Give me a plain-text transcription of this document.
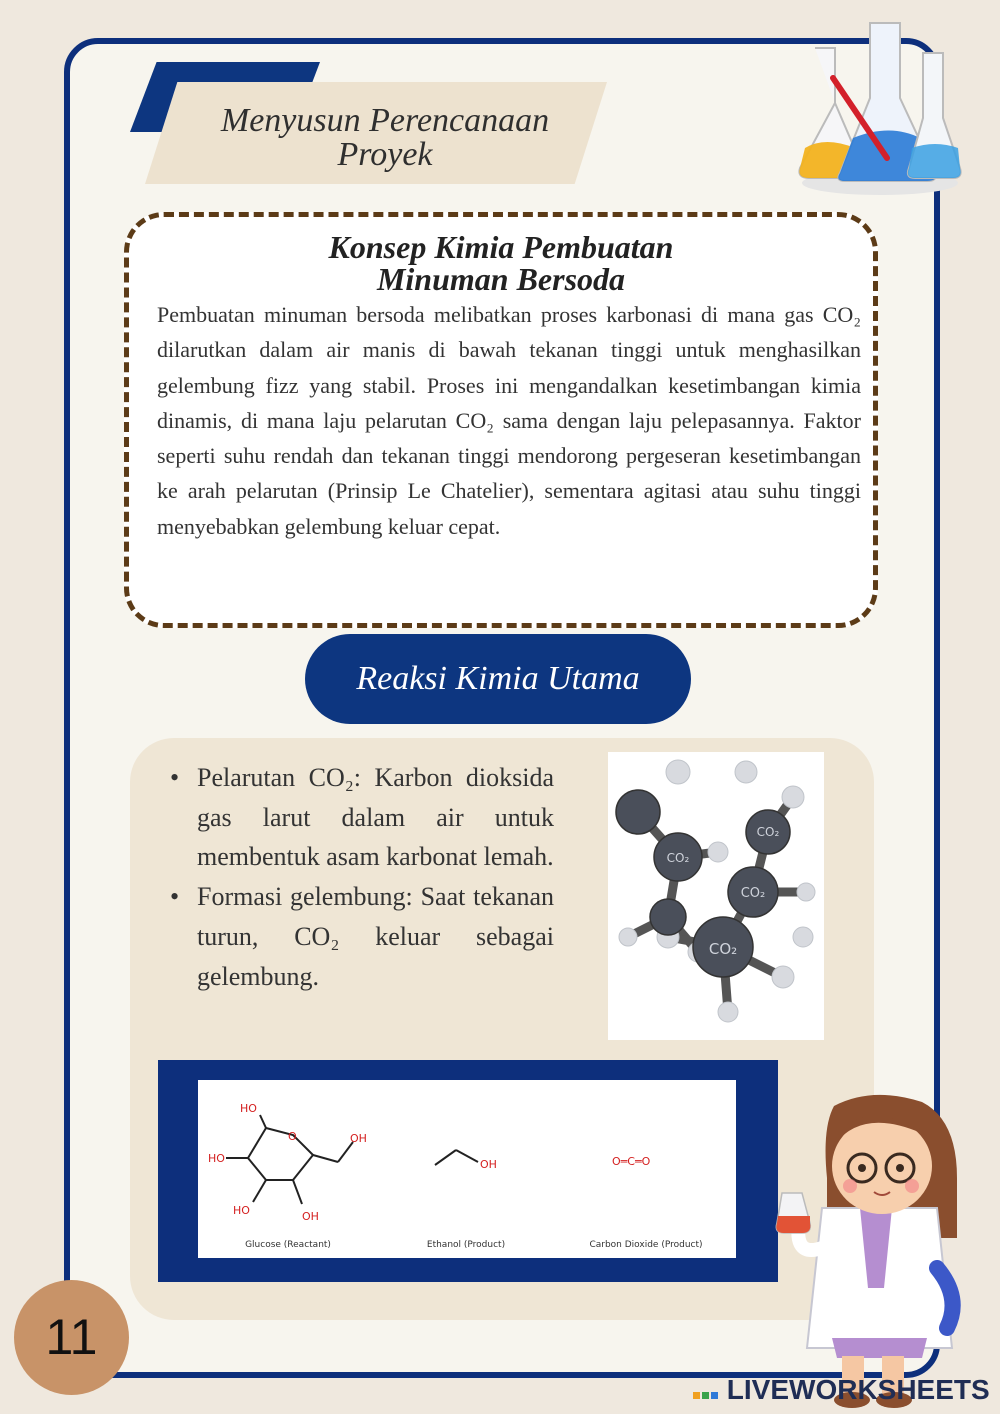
Menyusun Perencanaan
Proyek
Konsep Kimia Pembuatan
Minuman Bersoda
Pembuatan minuman bersoda melibatkan proses karbonasi di mana gas CO₂ dilarutkan dalam air manis di bawah tekanan tinggi untuk menghasilkan gelembung fizz yang stabil. Proses ini mengandalkan kesetimbangan kimia dinamis, di mana laju pelarutan CO₂ sama dengan laju pelepasannya. Faktor seperti suhu rendah dan tekanan tinggi mendorong pergeseran kesetimbangan ke arah pelarutan (Prinsip Le Chatelier), sementara agitasi atau suhu tinggi menyebabkan gelembung keluar cepat.
Reaksi Kimia Utama
• Pelarutan CO₂: Karbon dioksida gas larut dalam air untuk membentuk asam karbonat lemah.
• Formasi gelembung: Saat tekanan turun, CO₂ keluar sebagai gelembung.
CO₂
CO₂
CO₂
CO₂
HO
O
HO
HO	OH
OH
OH	O═C═O
Glucose (Reactant)	Ethanol (Product)	Carbon Dioxide (Product)
11
LIVEWORKSHEETS
